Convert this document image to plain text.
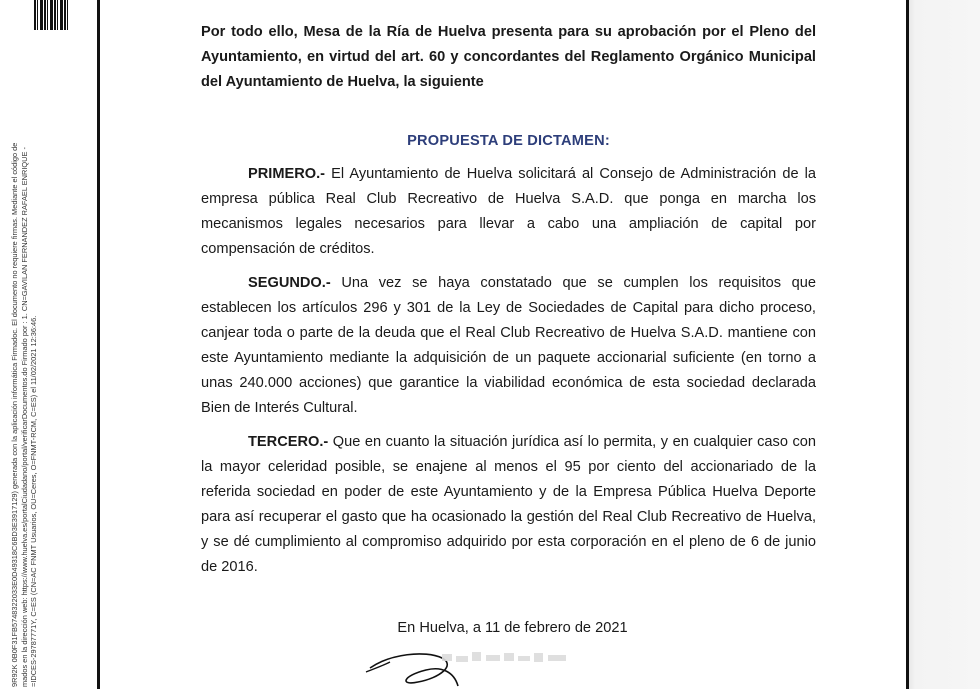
9R92K 0B0F31FB5748322033E0D49318C6BD3E3917129) generada con la aplicación informática Firmadoc. El documento no requiere firmas. Mediante el código de mados en la dirección web: https://www.huelva.es/portalCiudadano/portal/verificarDocumentos.do Firmado por : 1. CN=GAVILAN FERNANDEZ RAFAEL ENRIQUE - =IDCES-29787771Y, C=ES (CN=AC FNMT Usuarios, OU=Ceres, O=FNMT-RCM, C=ES) el 11/02/2021 12:36:46.

Por todo ello, Mesa de la Ría de Huelva presenta para su aprobación por el Pleno del Ayuntamiento, en virtud del art. 60 y concordantes del Reglamento Orgánico Municipal del Ayuntamiento de Huelva, la siguiente

PROPUESTA DE DICTAMEN:

PRIMERO.- El Ayuntamiento de Huelva solicitará al Consejo de Administración de la empresa pública Real Club Recreativo de Huelva S.A.D. que ponga en marcha los mecanismos legales necesarios para llevar a cabo una ampliación de capital por compensación de créditos.

SEGUNDO.- Una vez se haya constatado que se cumplen los requisitos que establecen los artículos 296 y 301 de la Ley de Sociedades de Capital para dicho proceso, canjear toda o parte de la deuda que el Real Club Recreativo de Huelva S.A.D. mantiene con este Ayuntamiento mediante la adquisición de un paquete accionarial suficiente (en torno a unas 240.000 acciones) que garantice la viabilidad económica de esta sociedad declarada Bien de Interés Cultural.

TERCERO.- Que en cuanto la situación jurídica así lo permita, y en cualquier caso con la mayor celeridad posible, se enajene al menos el 95 por ciento del accionariado de la referida sociedad en poder de este Ayuntamiento y de la Empresa Pública Huelva Deporte para así recuperar el gasto que ha ocasionado la gestión del Real Club Recreativo de Huelva, y se dé cumplimiento al compromiso adquirido por esta corporación en el pleno de 6 de junio de 2016.

En Huelva, a 11 de febrero de 2021
